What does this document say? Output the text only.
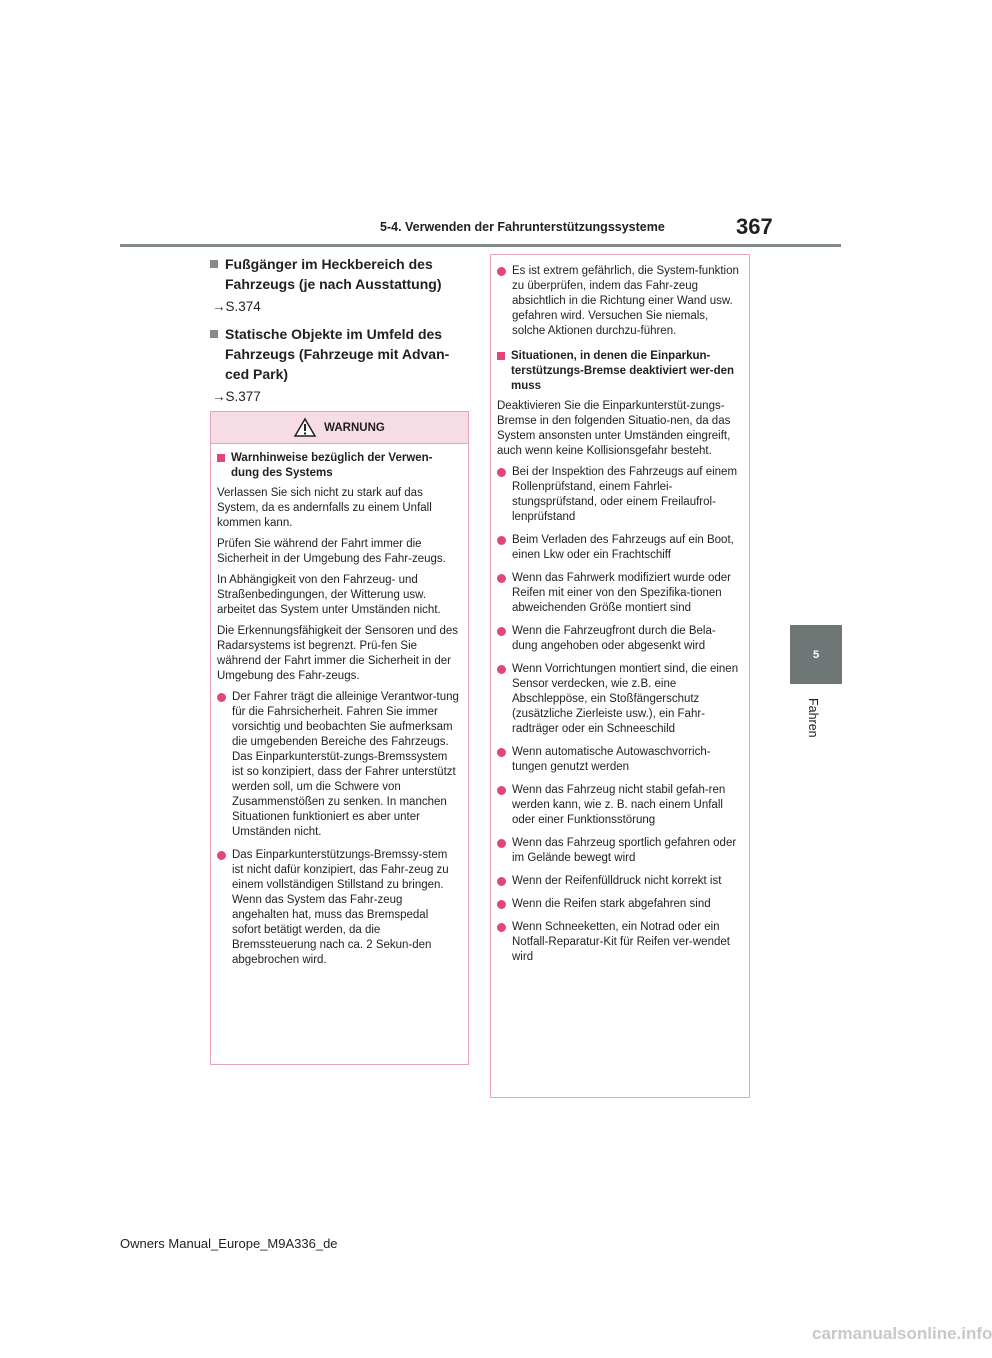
367
5-4. Verwenden der Fahrunterstützungssysteme
5
Fahren
Fußgänger im Heckbereich des Fahrzeugs (je nach Ausstattung)
→S.374
Statische Objekte im Umfeld des Fahrzeugs (Fahrzeuge mit Advan-ced Park)
→S.377
WARNUNG
Warnhinweise bezüglich der Verwen-dung des Systems

Verlassen Sie sich nicht zu stark auf das System, da es andernfalls zu einem Unfall kommen kann.

Prüfen Sie während der Fahrt immer die Sicherheit in der Umgebung des Fahr-zeugs.

In Abhängigkeit von den Fahrzeug- und Straßenbedingungen, der Witterung usw. arbeitet das System unter Umständen nicht.

Die Erkennungsfähigkeit der Sensoren und des Radarsystems ist begrenzt. Prü-fen Sie während der Fahrt immer die Sicherheit in der Umgebung des Fahr-zeugs.

Der Fahrer trägt die alleinige Verantwor-tung für die Fahrsicherheit. Fahren Sie immer vorsichtig und beobachten Sie aufmerksam die umgebenden Bereiche des Fahrzeugs. Das Einparkunterstüt-zungs-Bremssystem ist so konzipiert, dass der Fahrer unterstützt werden soll, um die Schwere von Zusammenstößen zu senken. In manchen Situationen funktioniert es aber unter Umständen nicht.
Das Einparkunterstützungs-Bremssy-stem ist nicht dafür konzipiert, das Fahr-zeug zu einem vollständigen Stillstand zu bringen. Wenn das System das Fahr-zeug angehalten hat, muss das Bremspedal sofort betätigt werden, da die Bremssteuerung nach ca. 2 Sekun-den abgebrochen wird.
Es ist extrem gefährlich, die System-funktion zu überprüfen, indem das Fahr-zeug absichtlich in die Richtung einer Wand usw. gefahren wird. Versuchen Sie niemals, solche Aktionen durchzu-führen.
Situationen, in denen die Einparkun-terstützungs-Bremse deaktiviert wer-den muss

Deaktivieren Sie die Einparkunterstüt-zungs-Bremse in den folgenden Situatio-nen, da das System ansonsten unter Umständen eingreift, auch wenn keine Kollisionsgefahr besteht.

Bei der Inspektion des Fahrzeugs auf einem Rollenprüfstand, einem Fahrlei-stungsprüfstand, oder einem Freilaufrol-lenprüfstand
Beim Verladen des Fahrzeugs auf ein Boot, einen Lkw oder ein Frachtschiff
Wenn das Fahrwerk modifiziert wurde oder Reifen mit einer von den Spezifika-tionen abweichenden Größe montiert sind
Wenn die Fahrzeugfront durch die Bela-dung angehoben oder abgesenkt wird
Wenn Vorrichtungen montiert sind, die einen Sensor verdecken, wie z.B. eine Abschleppöse, ein Stoßfängerschutz (zusätzliche Zierleiste usw.), ein Fahr-radträger oder ein Schneeschild
Wenn automatische Autowaschvorrich-tungen genutzt werden
Wenn das Fahrzeug nicht stabil gefah-ren werden kann, wie z. B. nach einem Unfall oder einer Funktionsstörung
Wenn das Fahrzeug sportlich gefahren oder im Gelände bewegt wird
Wenn der Reifenfülldruck nicht korrekt ist
Wenn die Reifen stark abgefahren sind
Wenn Schneeketten, ein Notrad oder ein Notfall-Reparatur-Kit für Reifen ver-wendet wird
Owners Manual_Europe_M9A336_de
carmanualsonline.info
